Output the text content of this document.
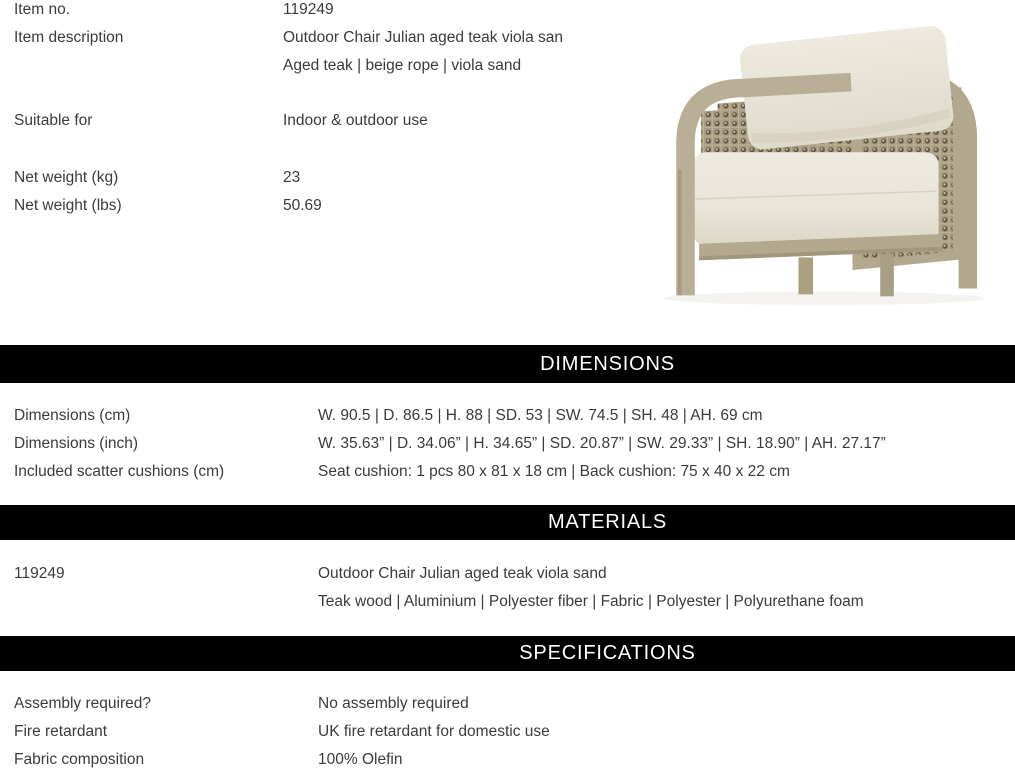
Item no.	119249
Item description	Outdoor Chair Julian aged teak viola san
Aged teak | beige rope | viola sand
Suitable for	Indoor & outdoor use
Net weight (kg)	23
Net weight (lbs)	50.69
DIMENSIONS
Dimensions (cm)	W. 90.5 | D. 86.5 | H. 88 | SD. 53 | SW. 74.5 | SH. 48 | AH. 69 cm
Dimensions (inch)	W. 35.63” | D. 34.06” | H. 34.65” | SD. 20.87” | SW. 29.33” | SH. 18.90” | AH. 27.17”
Included scatter cushions (cm)	Seat cushion: 1 pcs 80 x 81 x 18 cm | Back cushion: 75 x 40 x 22 cm
MATERIALS
119249	Outdoor Chair Julian aged teak viola sand
Teak wood | Aluminium | Polyester fiber | Fabric | Polyester | Polyurethane foam
SPECIFICATIONS
Assembly required?	No assembly required
Fire retardant	UK fire retardant for domestic use
Fabric composition	100% Olefin
